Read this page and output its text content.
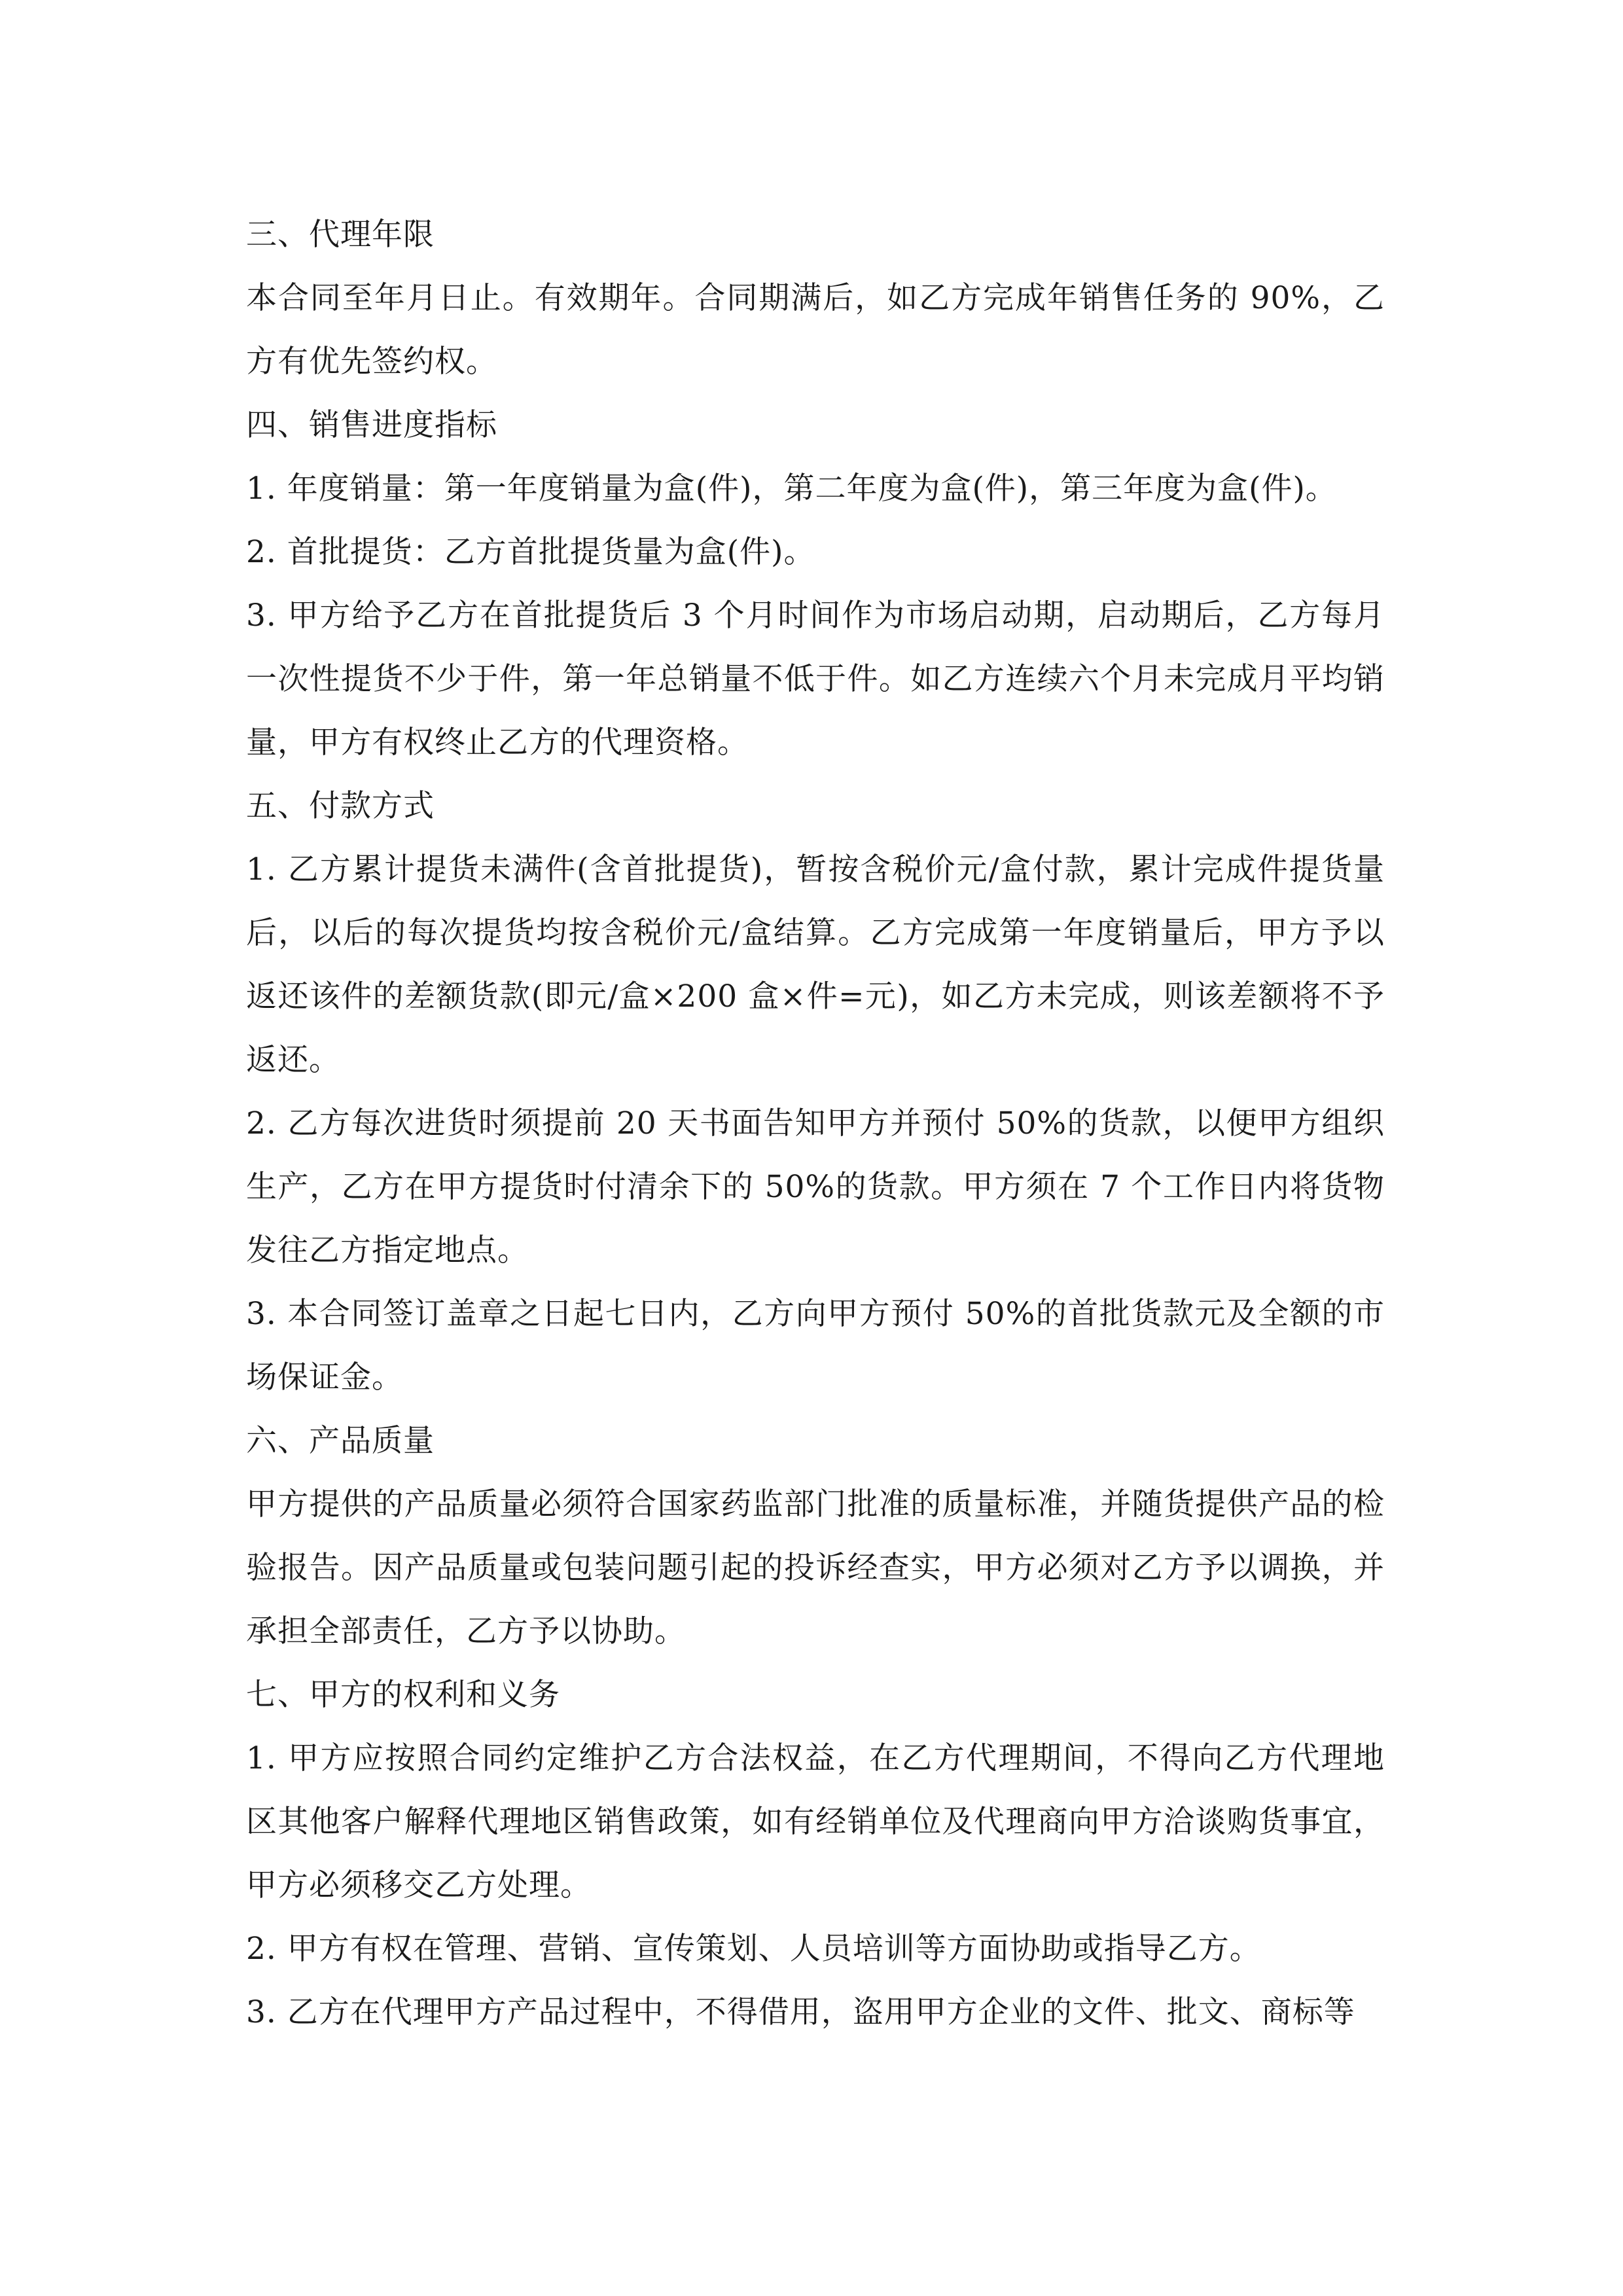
三、代理年限

本合同至年月日止。有效期年。合同期满后，如乙方完成年销售任务的 90%，乙方有优先签约权。

四、销售进度指标

1. 年度销量：第一年度销量为盒(件)，第二年度为盒(件)，第三年度为盒(件)。

2. 首批提货：乙方首批提货量为盒(件)。

3. 甲方给予乙方在首批提货后 3 个月时间作为市场启动期，启动期后，乙方每月一次性提货不少于件，第一年总销量不低于件。如乙方连续六个月未完成月平均销量，甲方有权终止乙方的代理资格。

五、付款方式

1. 乙方累计提货未满件(含首批提货)，暂按含税价元/盒付款，累计完成件提货量后，以后的每次提货均按含税价元/盒结算。乙方完成第一年度销量后，甲方予以返还该件的差额货款(即元/盒×200 盒×件=元)，如乙方未完成，则该差额将不予返还。

2. 乙方每次进货时须提前 20 天书面告知甲方并预付 50%的货款，以便甲方组织生产，乙方在甲方提货时付清余下的 50%的货款。甲方须在 7 个工作日内将货物发往乙方指定地点。

3. 本合同签订盖章之日起七日内，乙方向甲方预付 50%的首批货款元及全额的市场保证金。

六、产品质量

甲方提供的产品质量必须符合国家药监部门批准的质量标准，并随货提供产品的检验报告。因产品质量或包装问题引起的投诉经查实，甲方必须对乙方予以调换，并承担全部责任，乙方予以协助。

七、甲方的权利和义务

1. 甲方应按照合同约定维护乙方合法权益，在乙方代理期间，不得向乙方代理地区其他客户解释代理地区销售政策，如有经销单位及代理商向甲方洽谈购货事宜，甲方必须移交乙方处理。

2. 甲方有权在管理、营销、宣传策划、人员培训等方面协助或指导乙方。

3. 乙方在代理甲方产品过程中，不得借用，盗用甲方企业的文件、批文、商标等
